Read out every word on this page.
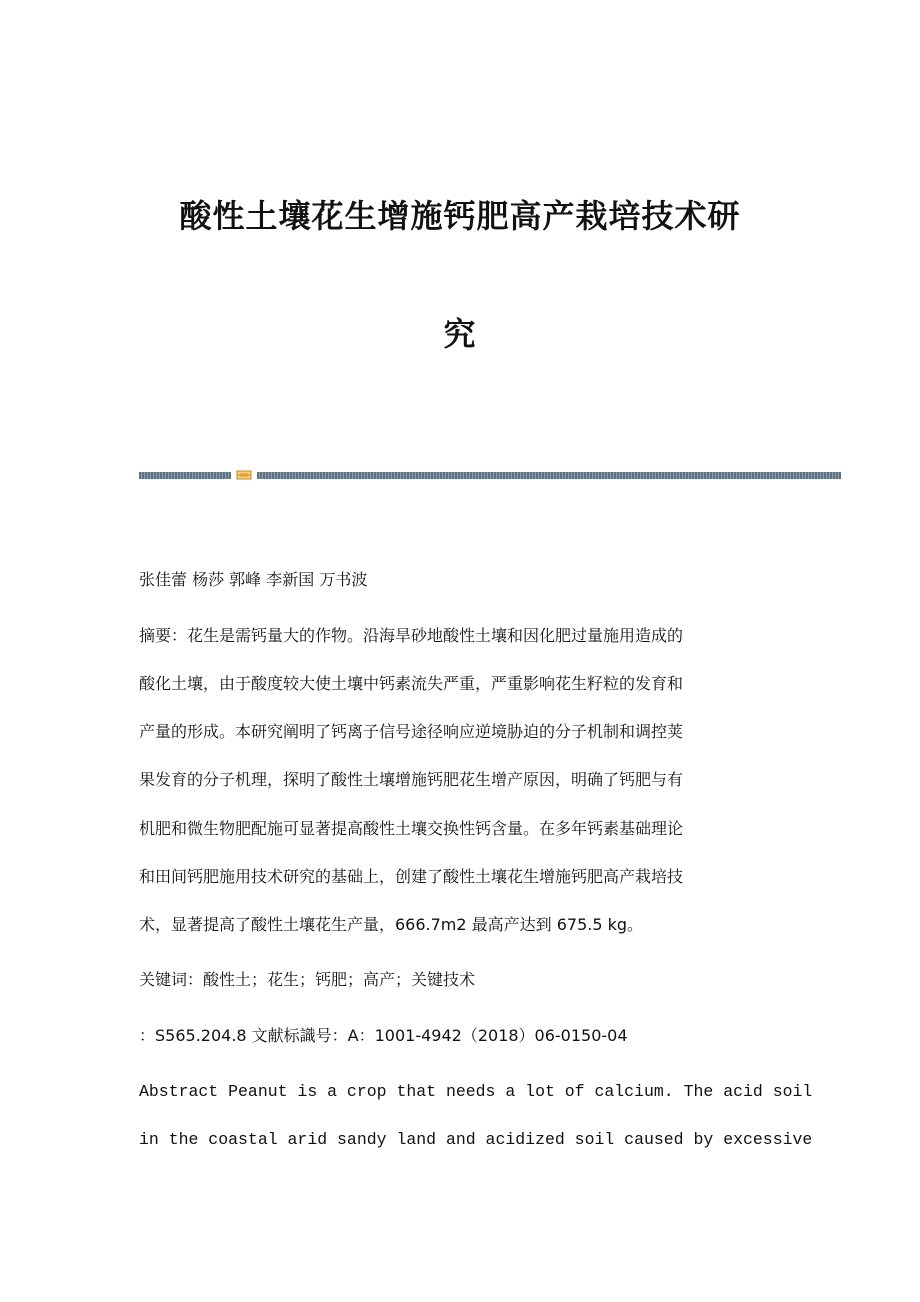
酸性土壤花生增施钙肥高产栽培技术研
究
张佳蕾 杨莎 郭峰 李新国 万书波
摘要：花生是需钙量大的作物。沿海旱砂地酸性土壤和因化肥过量施用造成的
酸化土壤，由于酸度较大使土壤中钙素流失严重，严重影响花生籽粒的发育和
产量的形成。本研究阐明了钙离子信号途径响应逆境胁迫的分子机制和调控荚
果发育的分子机理，探明了酸性土壤增施钙肥花生增产原因，明确了钙肥与有
机肥和微生物肥配施可显著提高酸性土壤交换性钙含量。在多年钙素基础理论
和田间钙肥施用技术研究的基础上，创建了酸性土壤花生增施钙肥高产栽培技
术，显著提高了酸性土壤花生产量，666.7m2 最高产达到 675.5 kg。
关键词：酸性土；花生；钙肥；高产；关键技术
：S565.204.8 文献标識号：A：1001-4942（2018）06-0150-04
Abstract Peanut is a crop that needs a lot of calcium. The acid soil
in the coastal arid sandy land and acidized soil caused by excessive
